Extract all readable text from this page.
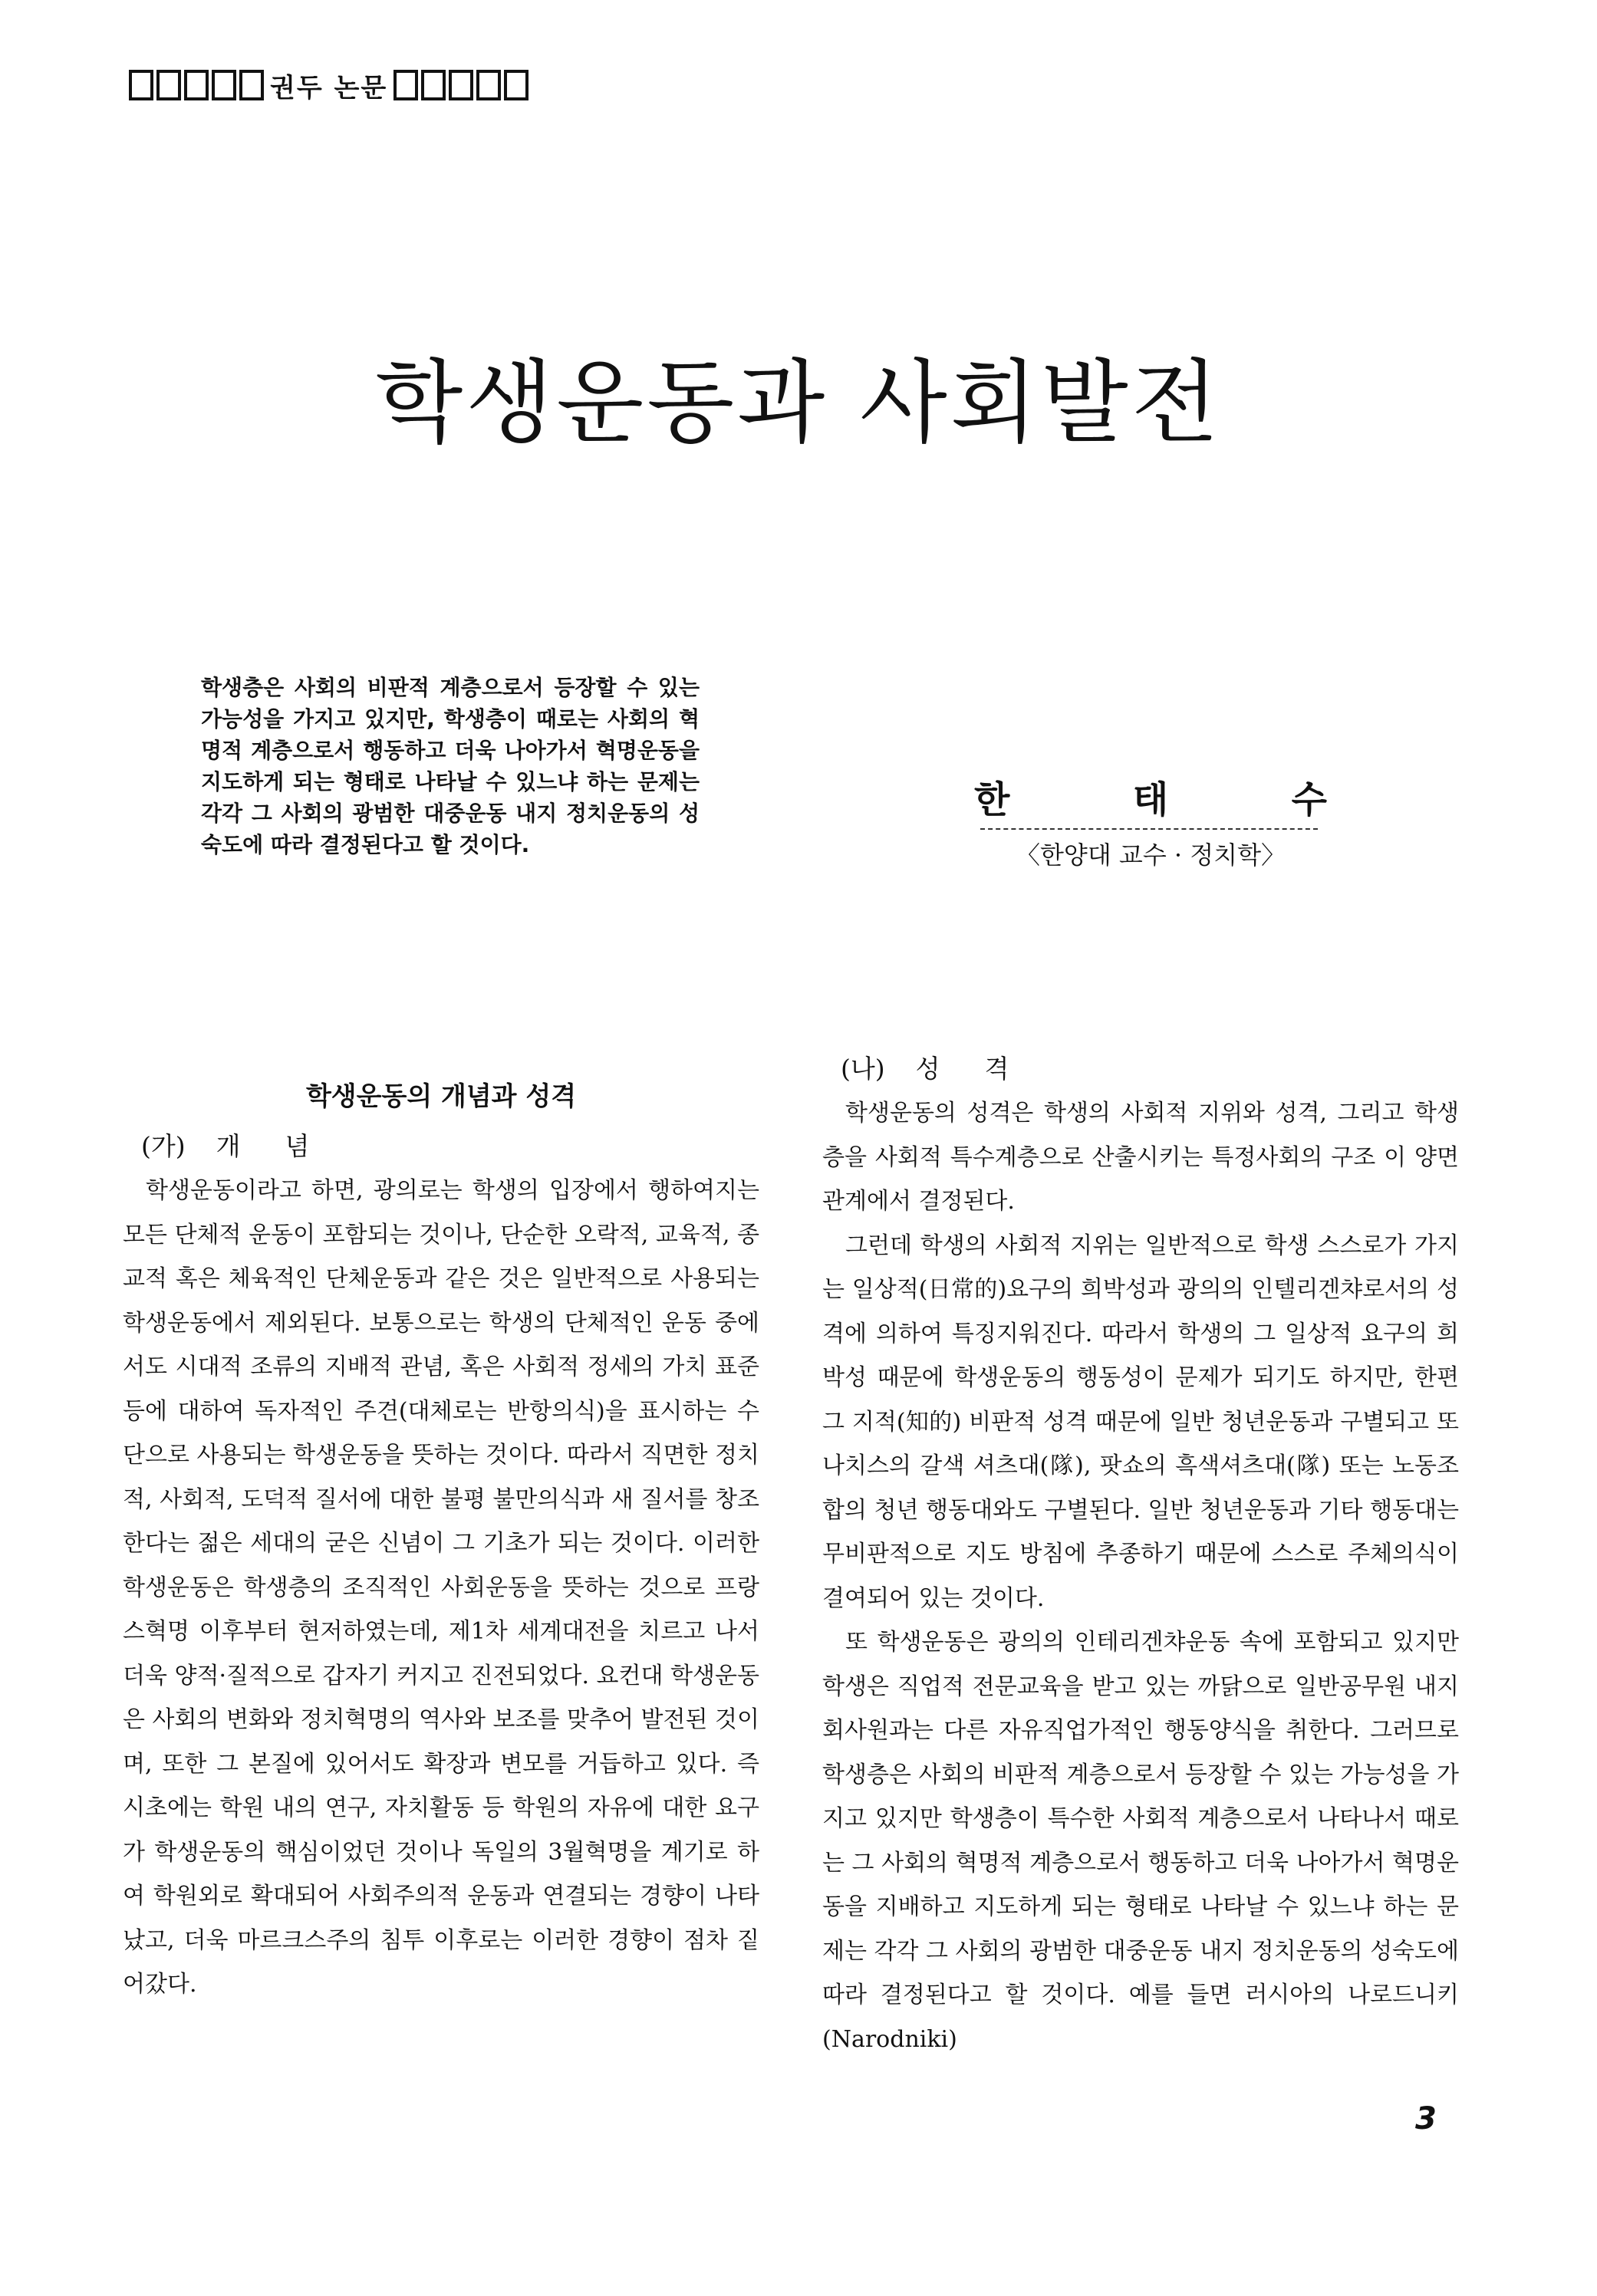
권두 논문
학생운동과 사회발전
학생층은 사회의 비판적 계층으로서 등장할 수 있는 가능성을 가지고 있지만, 학생층이 때로는 사회의 혁명적 계층으로서 행동하고 더욱 나아가서 혁명운동을 지도하게 되는 형태로 나타날 수 있느냐 하는 문제는 각각 그 사회의 광범한 대중운동 내지 정치운동의 성숙도에 따라 결정된다고 할 것이다.
한	태	수
〈한양대 교수 · 정치학〉
학생운동의 개념과 성격
(가) 개념

학생운동이라고 하면, 광의로는 학생의 입장에서 행하여지는 모든 단체적 운동이 포함되는 것이나, 단순한 오락적, 교육적, 종교적 혹은 체육적인 단체운동과 같은 것은 일반적으로 사용되는 학생운동에서 제외된다. 보통으로는 학생의 단체적인 운동 중에서도 시대적 조류의 지배적 관념, 혹은 사회적 정세의 가치 표준 등에 대하여 독자적인 주견(대체로는 반항의식)을 표시하는 수단으로 사용되는 학생운동을 뜻하는 것이다. 따라서 직면한 정치적, 사회적, 도덕적 질서에 대한 불평 불만의식과 새 질서를 창조한다는 젊은 세대의 굳은 신념이 그 기초가 되는 것이다. 이러한 학생운동은 학생층의 조직적인 사회운동을 뜻하는 것으로 프랑스혁명 이후부터 현저하였는데, 제1차 세계대전을 치르고 나서 더욱 양적·질적으로 갑자기 커지고 진전되었다. 요컨대 학생운동은 사회의 변화와 정치혁명의 역사와 보조를 맞추어 발전된 것이며, 또한 그 본질에 있어서도 확장과 변모를 거듭하고 있다. 즉 시초에는 학원 내의 연구, 자치활동 등 학원의 자유에 대한 요구가 학생운동의 핵심이었던 것이나 독일의 3월혁명을 계기로 하여 학원외로 확대되어 사회주의적 운동과 연결되는 경향이 나타났고, 더욱 마르크스주의 침투 이후로는 이러한 경향이 점차 짙어갔다.

(나) 성격

학생운동의 성격은 학생의 사회적 지위와 성격, 그리고 학생층을 사회적 특수계층으로 산출시키는 특정사회의 구조 이 양면관계에서 결정된다.

그런데 학생의 사회적 지위는 일반적으로 학생 스스로가 가지는 일상적(日常的)요구의 희박성과 광의의 인텔리겐챠로서의 성격에 의하여 특징지워진다. 따라서 학생의 그 일상적 요구의 희박성 때문에 학생운동의 행동성이 문제가 되기도 하지만, 한편 그 지적(知的) 비판적 성격 때문에 일반 청년운동과 구별되고 또 나치스의 갈색 셔츠대(隊), 팟쇼의 흑색셔츠대(隊) 또는 노동조합의 청년 행동대와도 구별된다. 일반 청년운동과 기타 행동대는 무비판적으로 지도 방침에 추종하기 때문에 스스로 주체의식이 결여되어 있는 것이다.

또 학생운동은 광의의 인테리겐챠운동 속에 포함되고 있지만 학생은 직업적 전문교육을 받고 있는 까닭으로 일반공무원 내지 회사원과는 다른 자유직업가적인 행동양식을 취한다. 그러므로 학생층은 사회의 비판적 계층으로서 등장할 수 있는 가능성을 가지고 있지만 학생층이 특수한 사회적 계층으로서 나타나서 때로는 그 사회의 혁명적 계층으로서 행동하고 더욱 나아가서 혁명운동을 지배하고 지도하게 되는 형태로 나타날 수 있느냐 하는 문제는 각각 그 사회의 광범한 대중운동 내지 정치운동의 성숙도에 따라 결정된다고 할 것이다. 예를 들면 러시아의 나로드니키(Narodniki)

3
